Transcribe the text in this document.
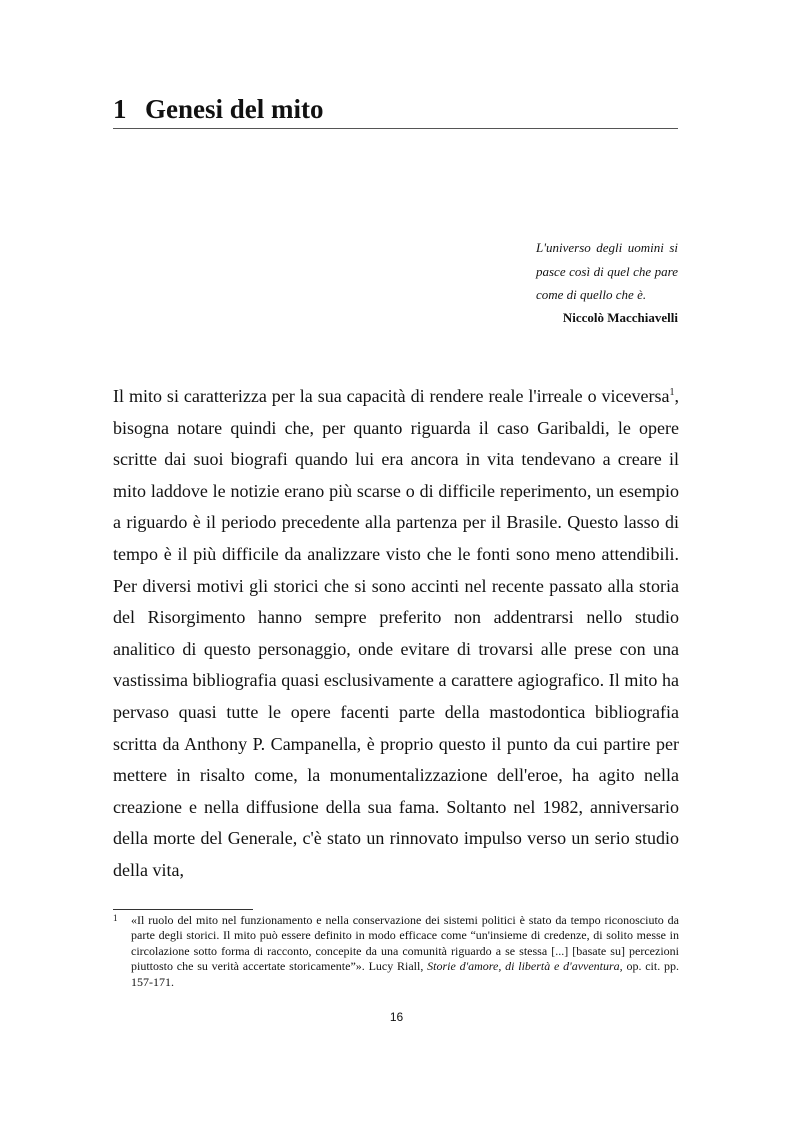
1 Genesi del mito
L'universo degli uomini si pasce così di quel che pare come di quello che è.
Niccolò Macchiavelli

Il mito si caratterizza per la sua capacità di rendere reale l'irreale o viceversa$^1$, bisogna notare quindi che, per quanto riguarda il caso Garibaldi, le opere scritte dai suoi biografi quando lui era ancora in vita tendevano a creare il mito laddove le notizie erano più scarse o di difficile reperimento, un esempio a riguardo è il periodo precedente alla partenza per il Brasile. Questo lasso di tempo è il più difficile da analizzare visto che le fonti sono meno attendibili. Per diversi motivi gli storici che si sono accinti nel recente passato alla storia del Risorgimento hanno sempre preferito non addentrarsi nello studio analitico di questo personaggio, onde evitare di trovarsi alle prese con una vastissima bibliografia quasi esclusivamente a carattere agiografico. Il mito ha pervaso quasi tutte le opere facenti parte della mastodontica bibliografia scritta da Anthony P. Campanella, è proprio questo il punto da cui partire per mettere in risalto come, la monumentalizzazione dell'eroe, ha agito nella creazione e nella diffusione della sua fama. Soltanto nel 1982, anniversario della morte del Generale, c'è stato un rinnovato impulso verso un serio studio della vita,

1 «Il ruolo del mito nel funzionamento e nella conservazione dei sistemi politici è stato da tempo riconosciuto da parte degli storici. Il mito può essere definito in modo efficace come “un'insieme di credenze, di solito messe in circolazione sotto forma di racconto, concepite da una comunità riguardo a se stessa [...] [basate su] percezioni piuttosto che su verità accertate storicamente”». Lucy Riall, Storie d'amore, di libertà e d'avventura, op. cit. pp. 157-171.
16
